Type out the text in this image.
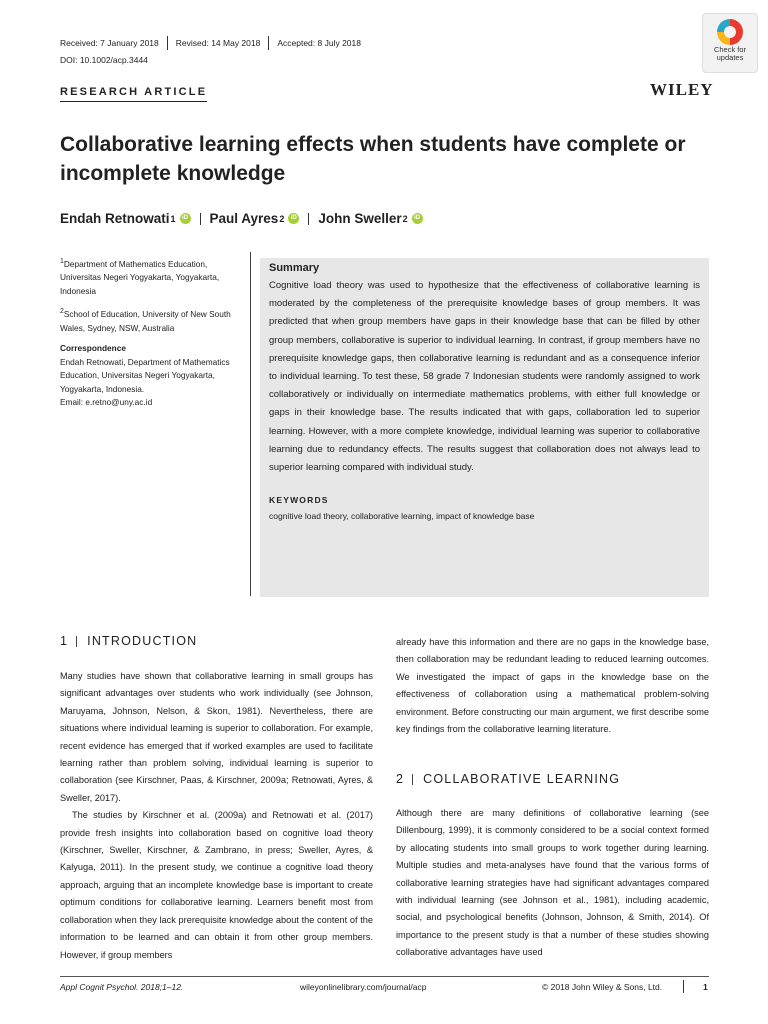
Received: 7 January 2018	Revised: 14 May 2018	Accepted: 8 July 2018
DOI: 10.1002/acp.3444
Check for
updates
RESEARCH ARTICLE	WILEY
Collaborative learning effects when students have complete or incomplete knowledge
Endah Retnowati 1	iD Paul Ayres 2	iD John Sweller 2	iD

$^1$Department of Mathematics Education, Universitas Negeri Yogyakarta, Yogyakarta, Indonesia

$^2$School of Education, University of New South Wales, Sydney, NSW, Australia

Correspondence

Endah Retnowati, Department of Mathematics Education, Universitas Negeri Yogyakarta, Yogyakarta, Indonesia.

Email: e.retno@uny.ac.id

Summary
Cognitive load theory was used to hypothesize that the effectiveness of collaborative learning is moderated by the completeness of the prerequisite knowledge bases of group members. It was predicted that when group members have gaps in their knowledge base that can be filled by other group members, collaborative is superior to individual learning. In contrast, if group members have no prerequisite knowledge gaps, then collaborative learning is redundant and as a consequence inferior to individual learning. To test these, 58 grade 7 Indonesian students were randomly assigned to work collaboratively or individually on intermediate mathematics problems, with either full knowledge or gaps in their knowledge base. The results indicated that with gaps, collaboration led to superior learning. However, with a more complete knowledge, individual learning was superior to collaborative learning due to redundancy effects. The results suggest that collaboration does not always lead to superior learning compared with individual study.
KEYWORDS
cognitive load theory, collaborative learning, impact of knowledge base
1 INTRODUCTION

Many studies have shown that collaborative learning in small groups has significant advantages over students who work individually (see Johnson, Maruyama, Johnson, Nelson, & Skon, 1981). Nevertheless, there are situations where individual learning is superior to collaboration. For example, recent evidence has emerged that if worked examples are used to facilitate learning rather than problem solving, individual learning is superior to collaboration (see Kirschner, Paas, & Kirschner, 2009a; Retnowati, Ayres, & Sweller, 2017).

The studies by Kirschner et al. (2009a) and Retnowati et al. (2017) provide fresh insights into collaboration based on cognitive load theory (Kirschner, Sweller, Kirschner, & Zambrano, in press; Sweller, Ayres, & Kalyuga, 2011). In the present study, we continue a cognitive load theory approach, arguing that an incomplete knowledge base is important to create optimum conditions for collaborative learning. Learners benefit most from collaboration when they lack prerequisite knowledge about the content of the information to be learned and can obtain it from other group members. However, if group members

already have this information and there are no gaps in the knowledge base, then collaboration may be redundant leading to reduced learning outcomes. We investigated the impact of gaps in the knowledge base on the effectiveness of collaboration using a mathematical problem-solving environment. Before constructing our main argument, we first describe some key findings from the collaborative learning literature.

2 COLLABORATIVE LEARNING

Although there are many definitions of collaborative learning (see Dillenbourg, 1999), it is commonly considered to be a social context formed by allocating students into small groups to work together during learning. Multiple studies and meta-analyses have found that the various forms of collaborative learning strategies have had significant advantages compared with individual learning (see Johnson et al., 1981), including academic, social, and psychological benefits (Johnson, Johnson, & Smith, 2014). Of importance to the present study is that a number of these studies showing collaborative advantages have used

Appl Cognit Psychol. 2018;1–12.	wileyonlinelibrary.com/journal/acp	© 2018 John Wiley & Sons, Ltd.	1
